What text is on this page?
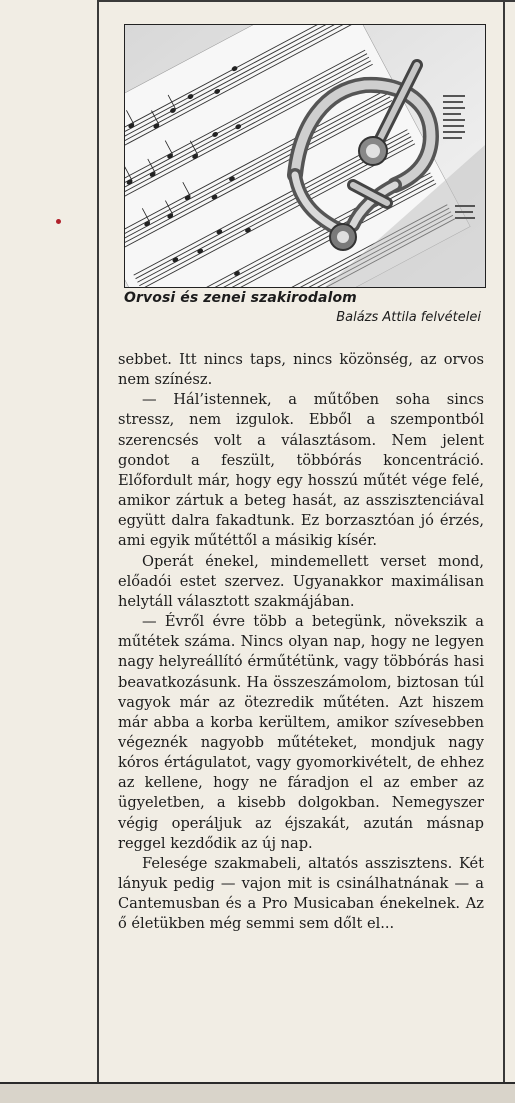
Orvosi és zenei szakirodalom
Balázs Attila felvételei

sebbet. Itt nincs taps, nincs közönség, az orvos nem színész.

— Hál’istennek, a műtőben soha sincs stressz, nem izgulok. Ebből a szempontból szerencsés volt a választásom. Nem jelent gondot a feszült, többórás koncentráció. Előfordult már, hogy egy hosszú műtét vége felé, amikor zártuk a beteg hasát, az asszisztenciával együtt dalra fakadtunk. Ez borzasztóan jó érzés, ami egyik műtéttől a másikig kísér.

Operát énekel, mindemellett verset mond, előadói estet szervez. Ugyanakkor maximálisan helytáll választott szakmájában.

— Évről évre több a betegünk, növekszik a műtétek száma. Nincs olyan nap, hogy ne legyen nagy helyreállító érműtétünk, vagy többórás hasi beavatkozásunk. Ha összeszámolom, biztosan túl vagyok már az ötezredik műtéten. Azt hiszem már abba a korba kerültem, amikor szívesebben végeznék nagyobb műtéteket, mondjuk nagy kóros értágulatot, vagy gyomorkivételt, de ehhez az kellene, hogy ne fáradjon el az ember az ügyeletben, a kisebb dolgokban. Nemegyszer végig operáljuk az éjszakát, azután másnap reggel kezdődik az új nap.

Felesége szakmabeli, altatós asszisztens. Két lányuk pedig — vajon mit is csinálhatnának — a Cantemusban és a Pro Musicaban énekelnek. Az ő életükben még semmi sem dőlt el...
